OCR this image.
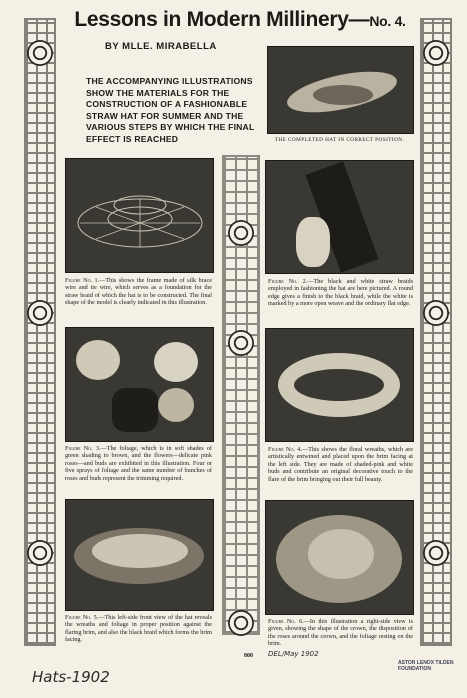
Lessons in Modern Millinery—No. 4.
BY MLLE. MIRABELLA
THE ACCOMPANYING ILLUSTRATIONS SHOW THE MATERIALS FOR THE CONSTRUCTION OF A FASHIONABLE STRAW HAT FOR SUMMER AND THE VARIOUS STEPS BY WHICH THE FINAL EFFECT IS REACHED	THE COMPLETED HAT IN CORRECT POSITION.
Figure No. 1.—This shows the frame made of silk brace wire and tie wire, which serves as a foundation for the straw braid of which the hat is to be constructed. The final shape of the model is clearly indicated in this illustration.
Figure No. 2.—The black and white straw braids employed in fashioning the hat are here pictured. A round edge gives a finish to the black braid, while the white is marked by a more open weave and the ordinary flat edge.
Figure No. 3.—The foliage, which is in soft shades of green shading to brown, and the flowers—delicate pink roses—and buds are exhibited in this illustration. Four or five sprays of foliage and the same number of bunches of roses and buds represent the trimming required.
Figure No. 4.—This shows the floral wreaths, which are artistically entwined and placed upon the brim facing at the left side. They are made of shaded-pink and white buds and contribute an original decorative touch to the flare of the brim bringing out their full beauty.
Figure No. 5.—This left-side front view of the hat reveals the wreaths and foliage in proper position against the flaring brim, and also the black braid which forms the brim facing.
Figure No. 6.—In this illustration a right-side view is given, showing the shape of the crown, the disposition of the roses around the crown, and the foliage resting on the brim.
800 DEL/May 1902
Hats-1902
ASTOR LENOX TILDEN FOUNDATION
